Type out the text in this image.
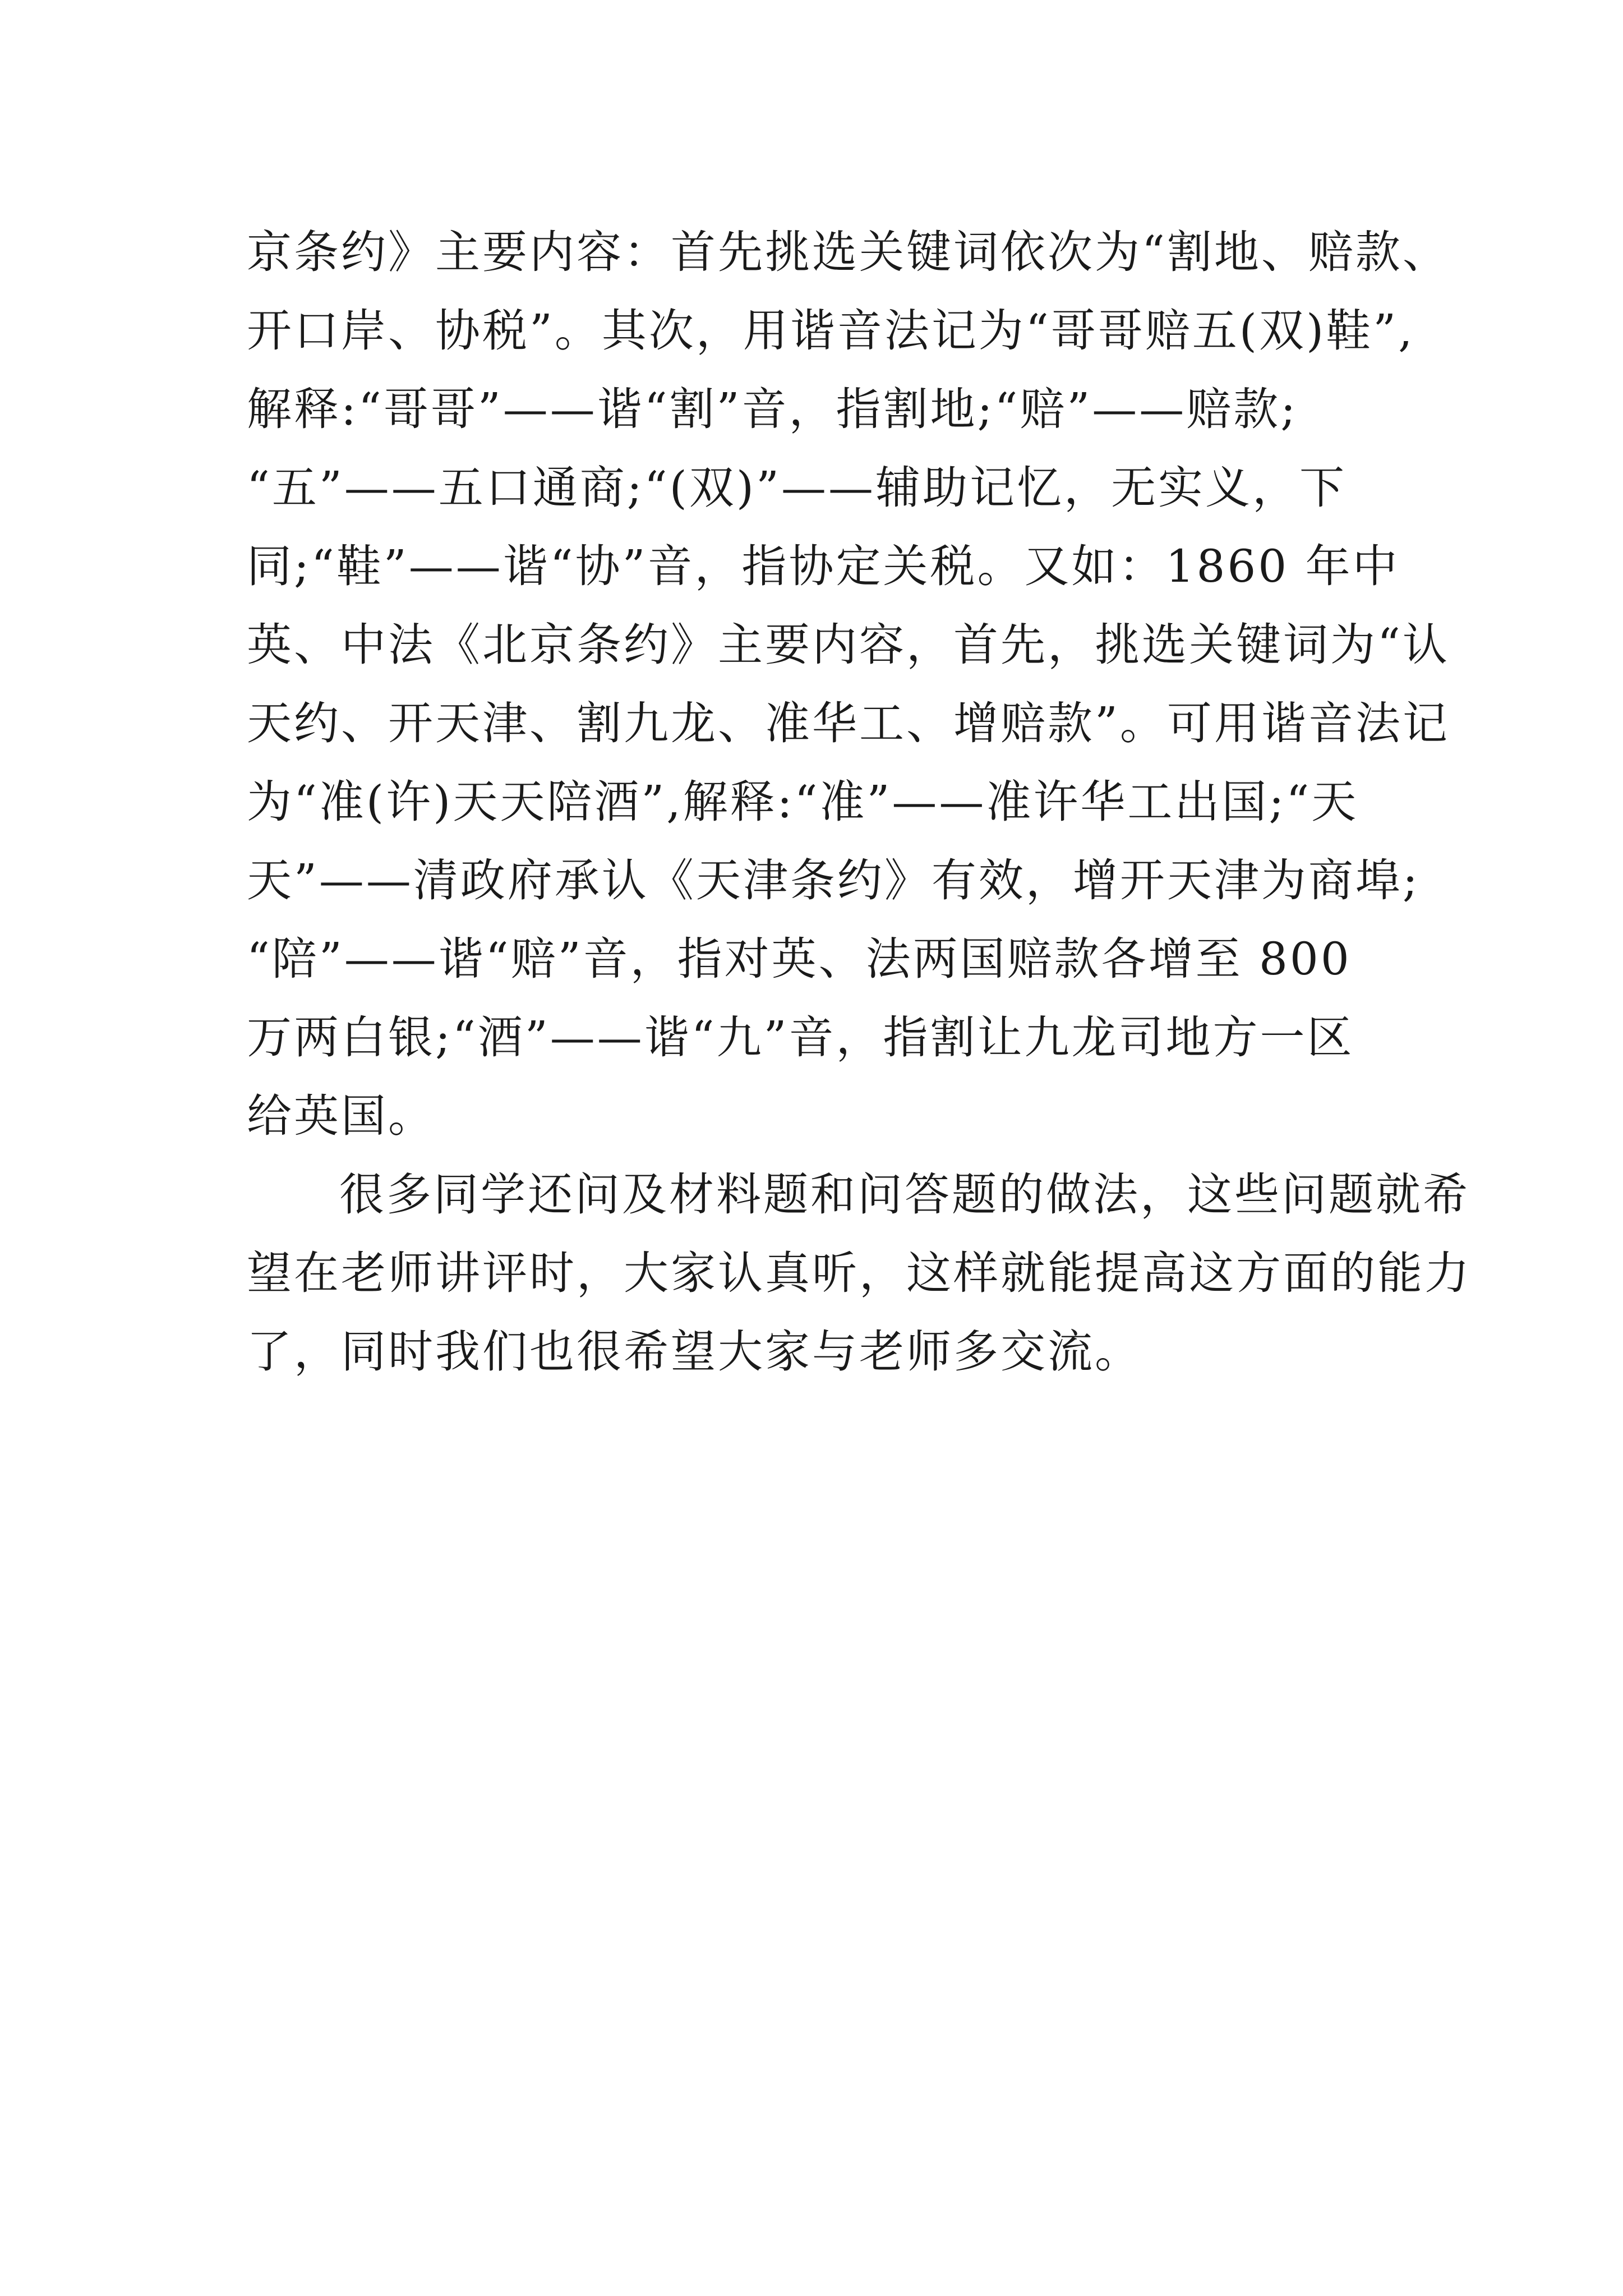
京条约》主要内容：首先挑选关键词依次为“割地、赔款、
开口岸、协税”。其次，用谐音法记为“哥哥赔五(双)鞋”,
解释:“哥哥”——谐“割”音，指割地;“赔”——赔款;
“五”——五口通商;“(双)”——辅助记忆，无实义，下
同;“鞋”——谐“协”音，指协定关税。又如：1860 年中
英、中法《北京条约》主要内容，首先，挑选关键词为“认
天约、开天津、割九龙、准华工、增赔款”。可用谐音法记
为“准(许)天天陪酒”,解释:“准”——准许华工出国;“天
天”——清政府承认《天津条约》有效，增开天津为商埠;
“陪”——谐“赔”音，指对英、法两国赔款各增至 800
万两白银;“酒”——谐“九”音，指割让九龙司地方一区
给英国。
很多同学还问及材料题和问答题的做法，这些问题就希
望在老师讲评时，大家认真听，这样就能提高这方面的能力
了，同时我们也很希望大家与老师多交流。
